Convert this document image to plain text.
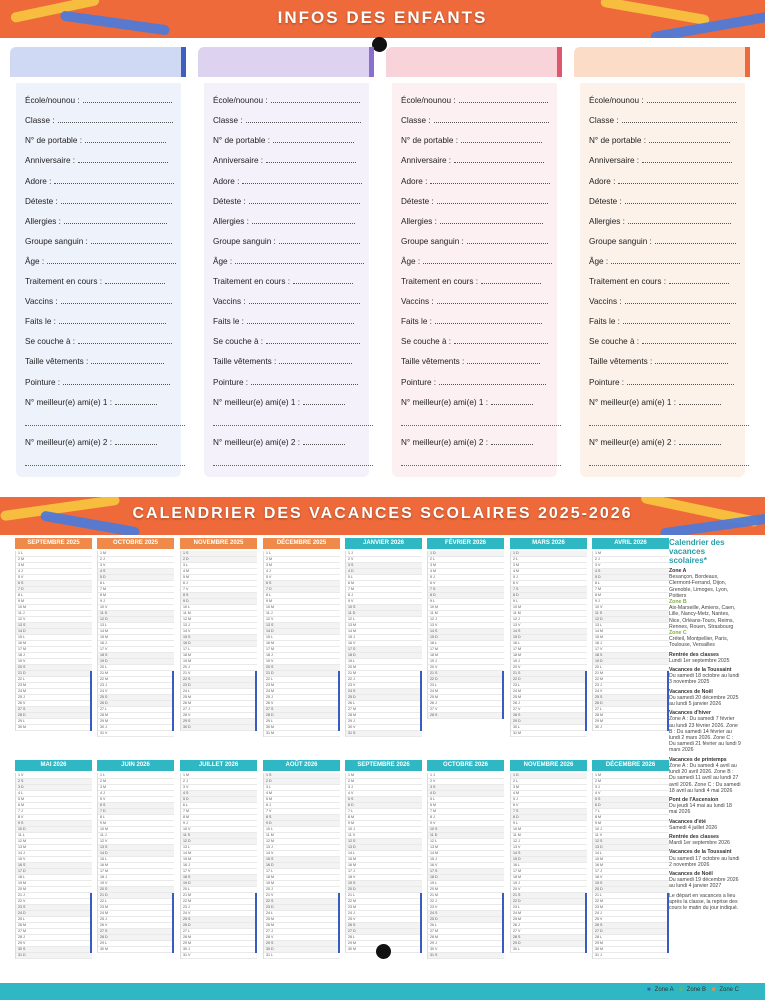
INFOS DES ENFANTS
École/nounou :
Classe :
N° de portable :
Anniversaire :
Adore :
Déteste :
Allergies :
Groupe sanguin :
Âge :
Traitement en cours :
Vaccins :
Faits le :
Se couche à :
Taille vêtements :
Pointure :
N° meilleur(e) ami(e) 1 :
N° meilleur(e) ami(e) 2 :
École/nounou :
Classe :
N° de portable :
Anniversaire :
Adore :
Déteste :
Allergies :
Groupe sanguin :
Âge :
Traitement en cours :
Vaccins :
Faits le :
Se couche à :
Taille vêtements :
Pointure :
N° meilleur(e) ami(e) 1 :
N° meilleur(e) ami(e) 2 :
École/nounou :
Classe :
N° de portable :
Anniversaire :
Adore :
Déteste :
Allergies :
Groupe sanguin :
Âge :
Traitement en cours :
Vaccins :
Faits le :
Se couche à :
Taille vêtements :
Pointure :
N° meilleur(e) ami(e) 1 :
N° meilleur(e) ami(e) 2 :
École/nounou :
Classe :
N° de portable :
Anniversaire :
Adore :
Déteste :
Allergies :
Groupe sanguin :
Âge :
Traitement en cours :
Vaccins :
Faits le :
Se couche à :
Taille vêtements :
Pointure :
N° meilleur(e) ami(e) 1 :
N° meilleur(e) ami(e) 2 :
CALENDRIER DES VACANCES SCOLAIRES 2025-2026
SEPTEMBRE 2025
1 L
2 M
3 M
4 J
5 V
6 S
7 D
8 L
9 M
10 M
11 J
12 V
13 S
14 D
15 L
16 M
17 M
18 J
19 V
20 S
21 D
22 L
23 M
24 M
25 J
26 V
27 S
28 D
29 L
30 M
OCTOBRE 2025
1 M
2 J
3 V
4 S
5 D
6 L
7 M
8 M
9 J
10 V
11 S
12 D
13 L
14 M
15 M
16 J
17 V
18 S
19 D
20 L
21 M
22 M
23 J
24 V
25 S
26 D
27 L
28 M
29 M
30 J
31 V
NOVEMBRE 2025
1 S
2 D
3 L
4 M
5 M
6 J
7 V
8 S
9 D
10 L
11 M
12 M
13 J
14 V
15 S
16 D
17 L
18 M
19 M
20 J
21 V
22 S
23 D
24 L
25 M
26 M
27 J
28 V
29 S
30 D
DÉCEMBRE 2025
1 L
2 M
3 M
4 J
5 V
6 S
7 D
8 L
9 M
10 M
11 J
12 V
13 S
14 D
15 L
16 M
17 M
18 J
19 V
20 S
21 D
22 L
23 M
24 M
25 J
26 V
27 S
28 D
29 L
30 M
31 M
JANVIER 2026
1 J
2 V
3 S
4 D
5 L
6 M
7 M
8 J
9 V
10 S
11 D
12 L
13 M
14 M
15 J
16 V
17 S
18 D
19 L
20 M
21 M
22 J
23 V
24 S
25 D
26 L
27 M
28 M
29 J
30 V
31 S
FÉVRIER 2026
1 D
2 L
3 M
4 M
5 J
6 V
7 S
8 D
9 L
10 M
11 M
12 J
13 V
14 S
15 D
16 L
17 M
18 M
19 J
20 V
21 S
22 D
23 L
24 M
25 M
26 J
27 V
28 S
MARS 2026
1 D
2 L
3 M
4 M
5 J
6 V
7 S
8 D
9 L
10 M
11 M
12 J
13 V
14 S
15 D
16 L
17 M
18 M
19 J
20 V
21 S
22 D
23 L
24 M
25 M
26 J
27 V
28 S
29 D
30 L
31 M
AVRIL 2026
1 M
2 J
3 V
4 S
5 D
6 L
7 M
8 M
9 J
10 V
11 S
12 D
13 L
14 M
15 M
16 J
17 V
18 S
19 D
20 L
21 M
22 M
23 J
24 V
25 S
26 D
27 L
28 M
29 M
30 J
MAI 2026
1 V
2 S
3 D
4 L
5 M
6 M
7 J
8 V
9 S
10 D
11 L
12 M
13 M
14 J
15 V
16 S
17 D
18 L
19 M
20 M
21 J
22 V
23 S
24 D
25 L
26 M
27 M
28 J
29 V
30 S
31 D
JUIN 2026
1 L
2 M
3 M
4 J
5 V
6 S
7 D
8 L
9 M
10 M
11 J
12 V
13 S
14 D
15 L
16 M
17 M
18 J
19 V
20 S
21 D
22 L
23 M
24 M
25 J
26 V
27 S
28 D
29 L
30 M
JUILLET 2026
1 M
2 J
3 V
4 S
5 D
6 L
7 M
8 M
9 J
10 V
11 S
12 D
13 L
14 M
15 M
16 J
17 V
18 S
19 D
20 L
21 M
22 M
23 J
24 V
25 S
26 D
27 L
28 M
29 M
30 J
31 V
AOÛT 2026
1 S
2 D
3 L
4 M
5 M
6 J
7 V
8 S
9 D
10 L
11 M
12 M
13 J
14 V
15 S
16 D
17 L
18 M
19 M
20 J
21 V
22 S
23 D
24 L
25 M
26 M
27 J
28 V
29 S
30 D
31 L
SEPTEMBRE 2026
1 M
2 M
3 J
4 V
5 S
6 D
7 L
8 M
9 M
10 J
11 V
12 S
13 D
14 L
15 M
16 M
17 J
18 V
19 S
20 D
21 L
22 M
23 M
24 J
25 V
26 S
27 D
28 L
29 M
30 M
OCTOBRE 2026
1 J
2 V
3 S
4 D
5 L
6 M
7 M
8 J
9 V
10 S
11 D
12 L
13 M
14 M
15 J
16 V
17 S
18 D
19 L
20 M
21 M
22 J
23 V
24 S
25 D
26 L
27 M
28 M
29 J
30 V
31 S
NOVEMBRE 2026
1 D
2 L
3 M
4 M
5 J
6 V
7 S
8 D
9 L
10 M
11 M
12 J
13 V
14 S
15 D
16 L
17 M
18 M
19 J
20 V
21 S
22 D
23 L
24 M
25 M
26 J
27 V
28 S
29 D
30 L
DÉCEMBRE 2026
1 M
2 M
3 J
4 V
5 S
6 D
7 L
8 M
9 M
10 J
11 V
12 S
13 D
14 L
15 M
16 M
17 J
18 V
19 S
20 D
21 L
22 M
23 M
24 J
25 V
26 S
27 D
28 L
29 M
30 M
31 J
Calendrier des vacances scolaires*
Zone A
Besançon, Bordeaux, Clermont-Ferrand, Dijon, Grenoble, Limoges, Lyon, Poitiers
Zone B
Aix-Marseille, Amiens, Caen, Lille, Nancy-Metz, Nantes, Nice, Orléans-Tours, Reims, Rennes, Rouen, Strasbourg
Zone C
Créteil, Montpellier, Paris, Toulouse, Versailles
Rentrée des classes
Lundi 1er septembre 2025
Vacances de la Toussaint
Du samedi 18 octobre au lundi 3 novembre 2025
Vacances de Noël
Du samedi 20 décembre 2025 au lundi 5 janvier 2026
Vacances d'hiver
Zone A : Du samedi 7 février au lundi 23 février 2026. Zone B : Du samedi 14 février au lundi 2 mars 2026. Zone C : Du samedi 21 février au lundi 9 mars 2026
Vacances de printemps
Zone A : Du samedi 4 avril au lundi 20 avril 2026. Zone B : Du samedi 11 avril au lundi 27 avril 2026. Zone C : Du samedi 18 avril au lundi 4 mai 2026
Pont de l'Ascension
Du jeudi 14 mai au lundi 18 mai 2026
Vacances d'été
Samedi 4 juillet 2026
Rentrée des classes
Mardi 1er septembre 2026
Vacances de la Toussaint
Du samedi 17 octobre au lundi 2 novembre 2026
Vacances de Noël
Du samedi 19 décembre 2026 au lundi 4 janvier 2027
Le départ en vacances a lieu après la classe, la reprise des cours le matin du jour indiqué.
■ Zone A ■ Zone B ■ Zone C
